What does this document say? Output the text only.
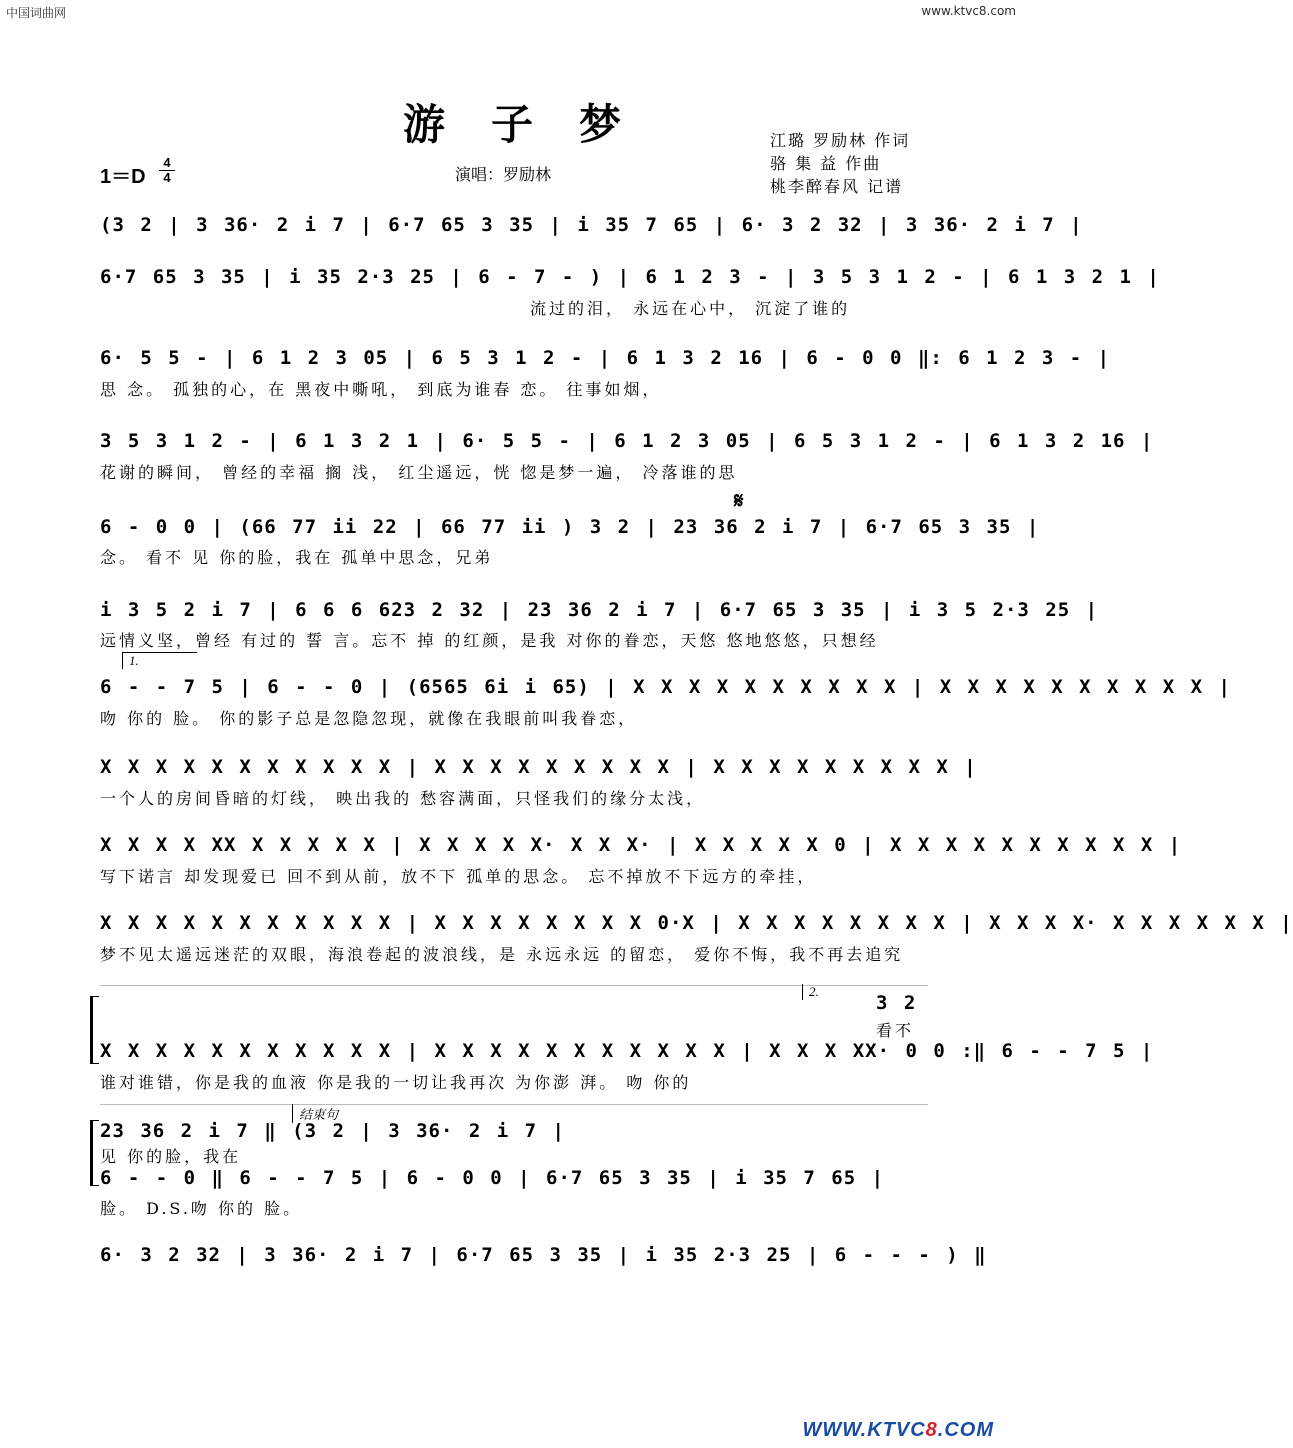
中国词曲网	www.ktvc8.com
游子梦	江璐 罗励林 作词
骆 集 益 作曲
桃李醉春风 记谱
1＝D
4
4	演唱：罗励林
(3 2 | 3 36· 2 i 7 | 6·7 65 3 35 | i 35 7 65 | 6· 3 2 32 | 3 36· 2 i 7 |
6·7 65 3 35 | i 35 2·3 25 | 6 - 7 - ) | 6 1 2 3 - | 3 5 3 1 2 - | 6 1 3 2 1 |
流过的泪， 永远在心中， 沉淀了谁的
6· 5 5 - | 6 1 2 3 05 | 6 5 3 1 2 - | 6 1 3 2 16 | 6 - 0 0 ‖: 6 1 2 3 - |
思 念。 孤独的心，在 黑夜中嘶吼， 到底为谁春 恋。 往事如烟，
3 5 3 1 2 - | 6 1 3 2 1 | 6· 5 5 - | 6 1 2 3 05 | 6 5 3 1 2 - | 6 1 3 2 16 |
花谢的瞬间， 曾经的幸福 搁 浅， 红尘遥远，恍 惚是梦一遍， 冷落谁的思
𝄋
6 - 0 0 | (66 77 ii 22 | 66 77 ii ) 3 2 | 23 36 2 i 7 | 6·7 65 3 35 |
念。 看不 见 你的脸，我在 孤单中思念，兄弟
i 3 5 2 i 7 | 6 6 6 623 2 32 | 23 36 2 i 7 | 6·7 65 3 35 | i 3 5 2·3 25 |
远情义坚，曾经 有过的 誓 言。忘不 掉 的红颜，是我 对你的眷恋，天悠 悠地悠悠，只想经
1.
6 - - 7 5 | 6 - - 0 | (6565 6i i 65) | X X X X X X X X X X | X X X X X X X X X X |
吻 你的 脸。 你的影子总是忽隐忽现，就像在我眼前叫我眷恋，
X X X X X X X X X X X | X X X X X X X X X | X X X X X X X X X |
一个人的房间昏暗的灯线， 映出我的 愁容满面，只怪我们的缘分太浅，
X X X X XX X X X X X | X X X X X· X X X· | X X X X X 0 | X X X X X X X X X X |
写下诺言 却发现爱已 回不到从前，放不下 孤单的思念。 忘不掉放不下远方的牵挂，
X X X X X X X X X X X | X X X X X X X X 0·X | X X X X X X X X | X X X X· X X X X X X |
梦不见太遥远迷茫的双眼，海浪卷起的波浪线，是 永远永远 的留恋， 爱你不悔，我不再去追究
2.
3 2
看不
X X X X X X X X X X X | X X X X X X X X X X X | X X X XX· 0 0 :‖ 6 - - 7 5 |
谁对谁错，你是我的血液 你是我的一切让我再次 为你澎 湃。 吻 你的
结束句
23 36 2 i 7 ‖ (3 2 | 3 36· 2 i 7 |
见 你的脸，我在
6 - - 0 ‖ 6 - - 7 5 | 6 - 0 0 | 6·7 65 3 35 | i 35 7 65 |
脸。 D.S.吻 你的 脸。
6· 3 2 32 | 3 36· 2 i 7 | 6·7 65 3 35 | i 35 2·3 25 | 6 - - - ) ‖
WWW.KTVC8.COM
